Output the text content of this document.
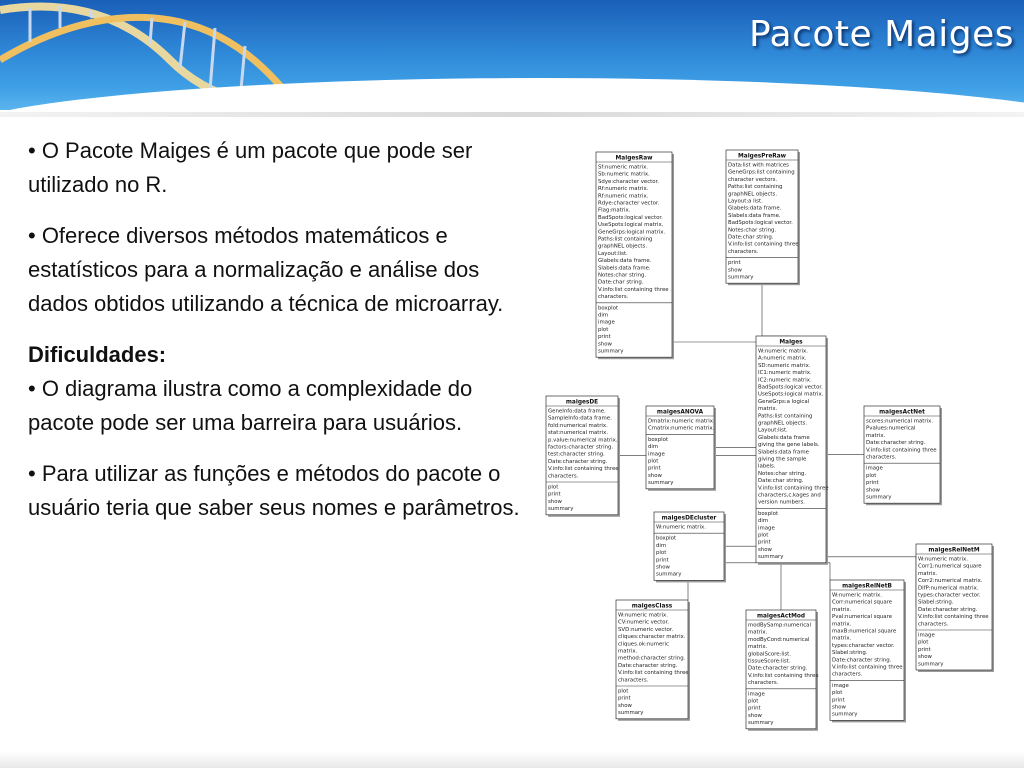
Pacote Maiges
• O Pacote Maiges é um pacote que pode ser utilizado no R.
• Oferece diversos métodos matemáticos e estatísticos para a normalização e análise dos dados obtidos utilizando a técnica de microarray.
Dificuldades:
• O diagrama ilustra como a complexidade do pacote pode ser uma barreira para usuários.
• Para utilizar as funções e métodos do pacote o usuário teria que saber seus nomes e parâmetros.
MaigesRaw
Sf:numeric matrix.
Sb:numeric matrix.
Sdye:character vector.
Rf:numeric matrix.
Rf:numeric matrix.
Rdye:character vector.
Flag:matrix.
BadSpots:logical vector.
UseSpots:logical matrix.
GeneGrps:logical matrix.
Paths:list containing
graphNEL objects.
Layout:list.
Glabels:data frame.
Slabels:data frame.
Notes:char string.
Date:char string.
V.info:list containing three
characters.
boxplot
dim
image
plot
print
show
summary
MaigesPreRaw
Data:list with matrices
GeneGrps:list containing
character vectors.
Paths:list containing
graphNEL objects.
Layout:a list.
Glabels:data frame.
Slabels:data frame.
BadSpots:logical vector.
Notes:char string.
Date:char string.
V.info:list containing three
characters.
print
show
summary
Maiges
W:numeric matrix.
A:numeric matrix.
SD:numeric matrix.
IC1:numeric matrix.
IC2:numeric matrix.
BadSpots:logical vector.
UseSpots:logical matrix.
GeneGrps:a logical
matrix.
Paths:list containing
graphNEL objects.
Layout:list.
Glabels:data frame
giving the gene labels.
Slabels:data frame
giving the sample
labels.
Notes:char string.
Date:char string.
V.info:list containing three
characters,c.kages and
version numbers.
boxplot
dim
image
plot
print
show
summary
maigesDE
GeneInfo:data frame.
SampleInfo:data frame.
fold:numerical matrix.
stat:numerical matrix.
p.value:numerical matrix.
factors:character string.
test:character string.
Date:character string.
V.info:list containing three
characters.
plot
print
show
summary
maigesANOVA
Dmatrix:numeric matrix.
Cmatrix:numeric matrix.
boxplot
dim
image
plot
print
show
summary
maigesActNet
scores:numerical matrix.
Pvalues:numerical
matrix.
Date:character string.
V.info:list containing three
characters.
image
plot
print
show
summary
maigesDEcluster
W:numeric matrix.
boxplot
dim
plot
print
show
summary
maigesRelNetM
W:numeric matrix.
Corr1:numerical square
matrix.
Corr2:numerical matrix.
DifP:numerical matrix.
types:character vector.
Slabel:string.
Date:character string.
V.info:list containing three
characters.
image
plot
print
show
summary
maigesRelNetB
W:numeric matrix.
Corr:numerical square
matrix.
Pval:numerical square
matrix.
maxB:numerical square
matrix.
types:character vector.
Slabel:string.
Date:character string.
V.info:list containing three
characters.
image
plot
print
show
summary
maigesClass
W:numeric matrix.
CV:numeric vector.
SVD:numeric vector.
cliques:character matrix.
cliques.ok:numeric
matrix.
method:character string.
Date:character string.
V.info:list containing three
characters.
plot
print
show
summary
maigesActMod
modBySamp:numerical
matrix.
modByCond:numerical
matrix.
globalScore:list.
tissueScore:list.
Date:character string.
V.info:list containing three
characters.
image
plot
print
show
summary
